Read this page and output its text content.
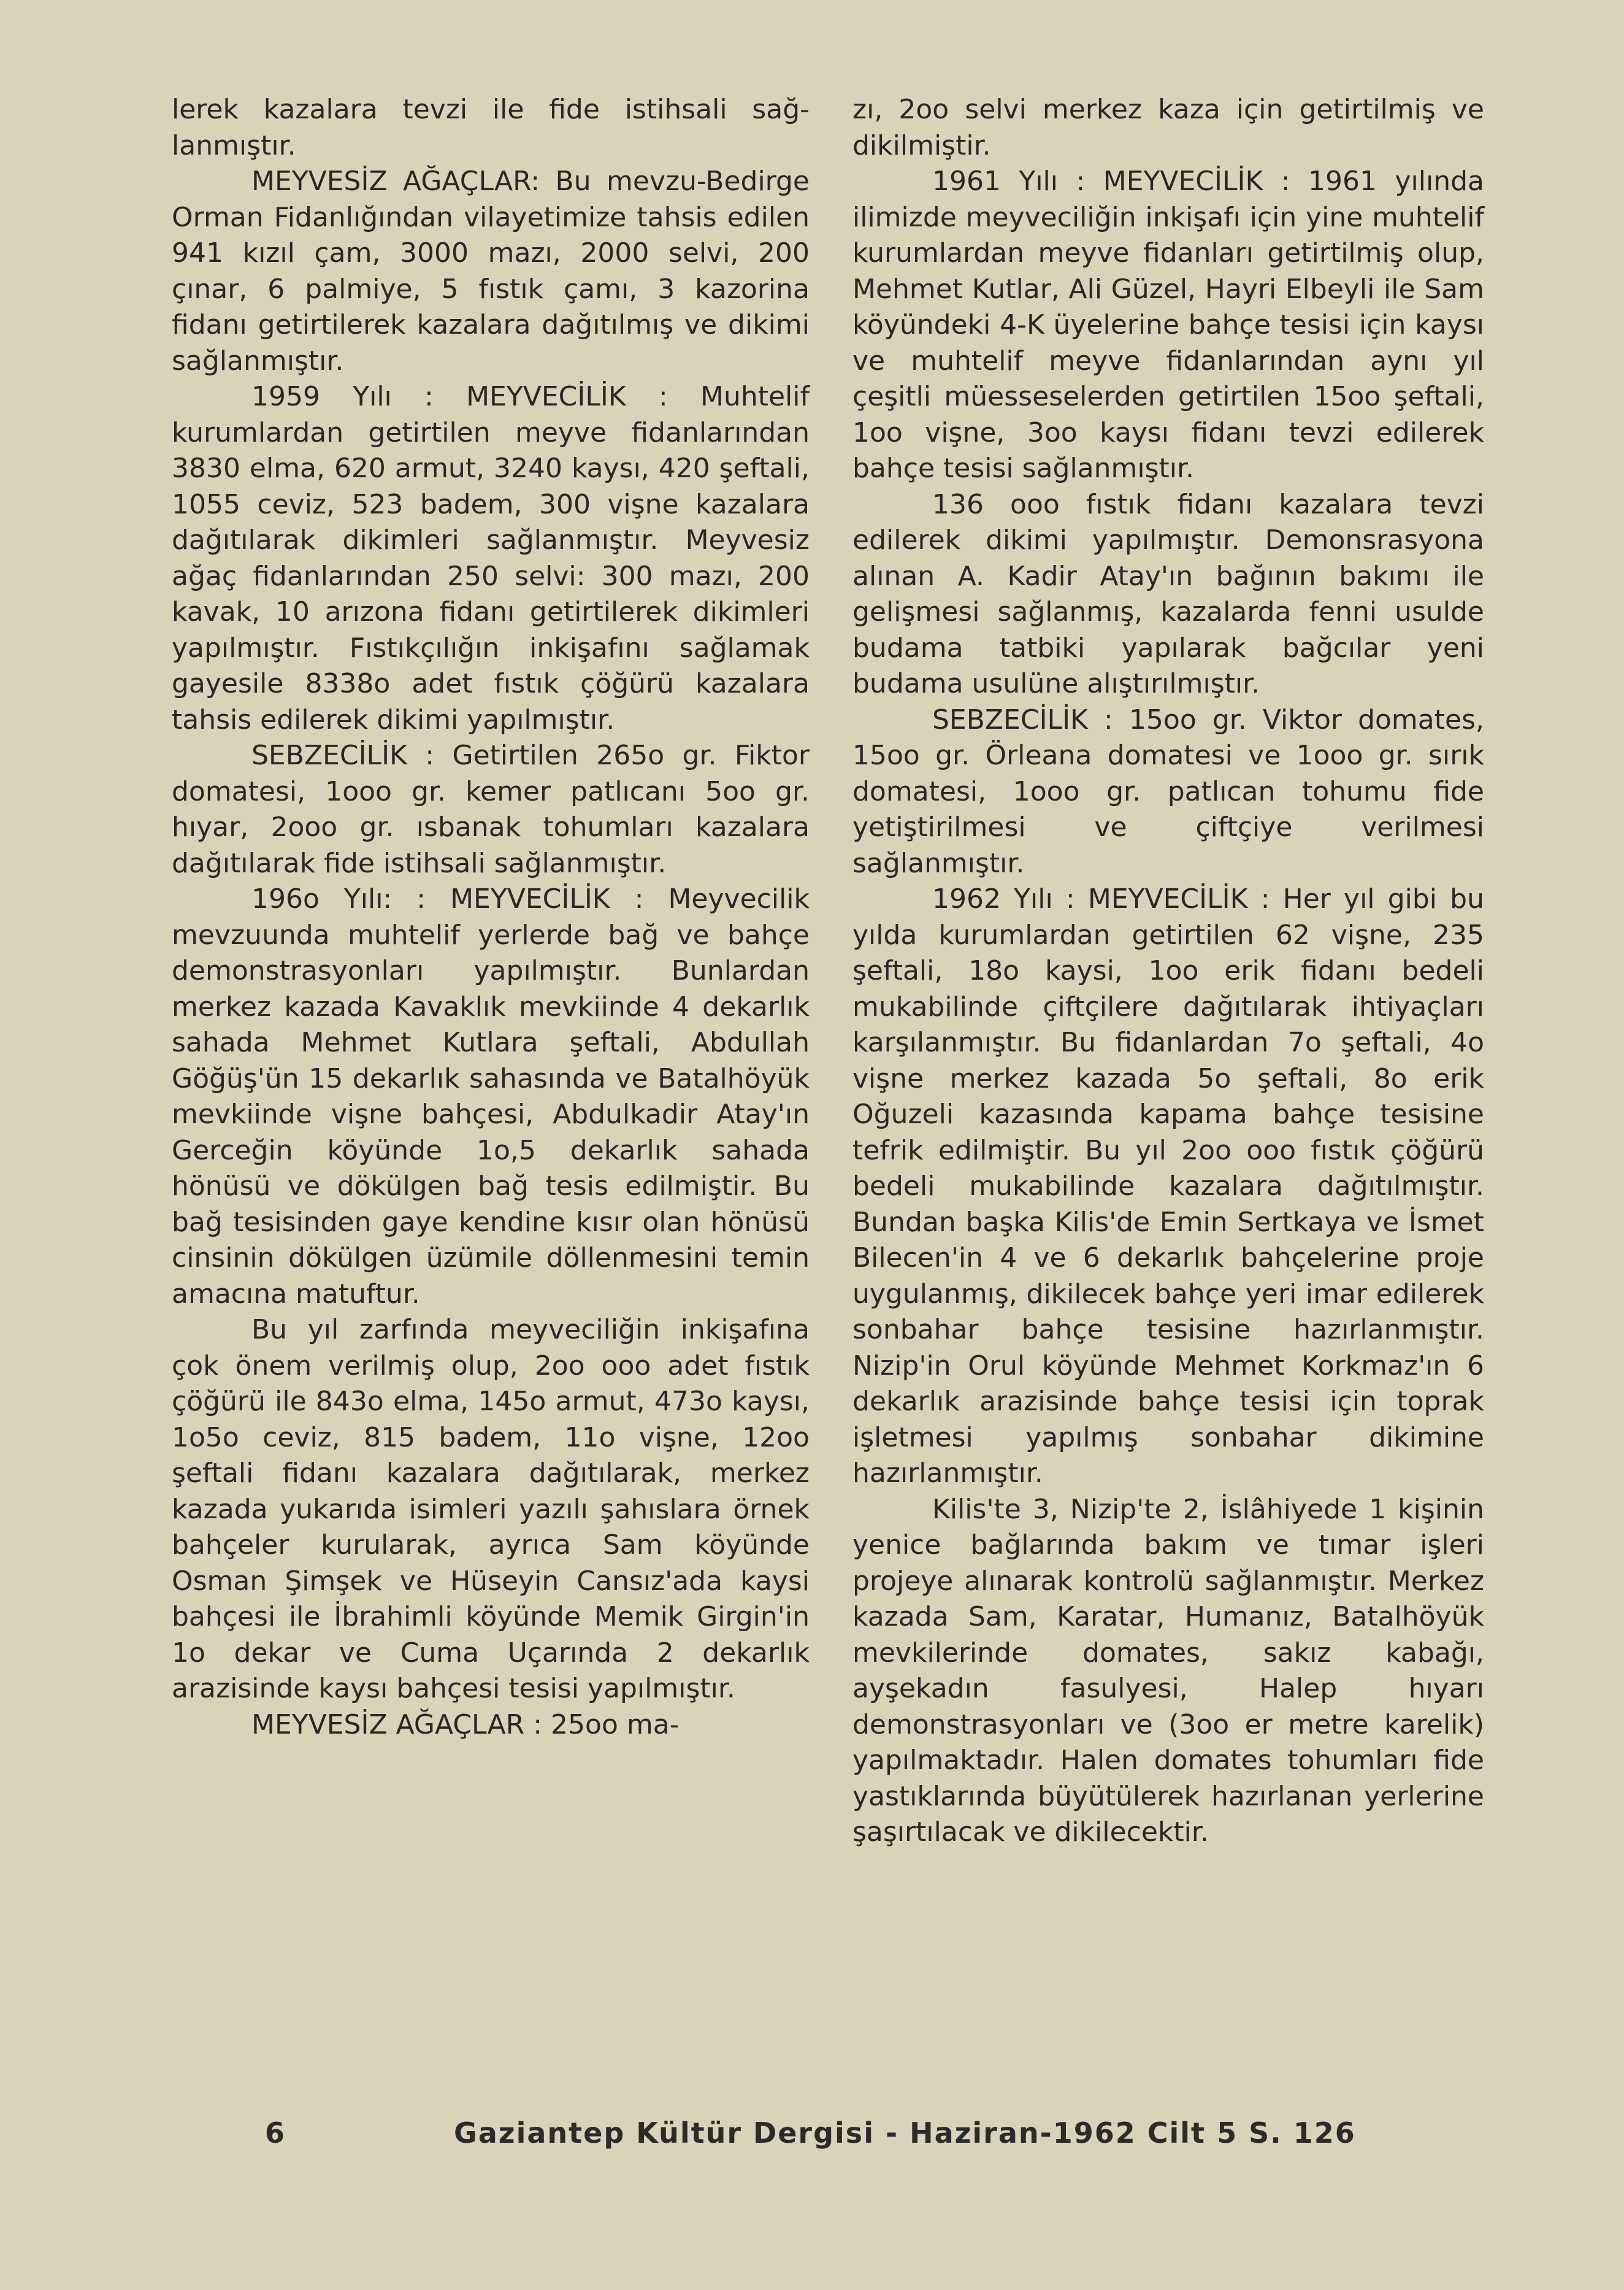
lerek kazalara tevzi ile fide istihsali sağ-lanmıştır.

MEYVESİZ AĞAÇLAR: Bu mevzu-Bedirge Orman Fidanlığından vilayetimize tahsis edilen 941 kızıl çam, 3000 mazı, 2000 selvi, 200 çınar, 6 palmiye, 5 fıstık çamı, 3 kazorina fidanı getirtilerek kazalara dağıtılmış ve dikimi sağlanmıştır.

1959 Yılı : MEYVECİLİK : Muhtelif kurumlardan getirtilen meyve fidanlarından 3830 elma, 620 armut, 3240 kaysı, 420 şeftali, 1055 ceviz, 523 badem, 300 vişne kazalara dağıtılarak dikimleri sağlanmıştır. Meyvesiz ağaç fidanlarından 250 selvi: 300 mazı, 200 kavak, 10 arızona fidanı getirtilerek dikimleri yapılmıştır. Fıstıkçılığın inkişafını sağlamak gayesile 8338o adet fıstık çöğürü kazalara tahsis edilerek dikimi yapılmıştır.

SEBZECİLİK : Getirtilen 265o gr. Fiktor domatesi, 1ooo gr. kemer patlıcanı 5oo gr. hıyar, 2ooo gr. ısbanak tohumları kazalara dağıtılarak fide istihsali sağlanmıştır.

196o Yılı: : MEYVECİLİK : Meyvecilik mevzuunda muhtelif yerlerde bağ ve bahçe demonstrasyonları yapılmıştır. Bunlardan merkez kazada Kavaklık mevkiinde 4 dekarlık sahada Mehmet Kutlara şeftali, Abdullah Göğüş'ün 15 dekarlık sahasında ve Batalhöyük mevkiinde vişne bahçesi, Abdulkadir Atay'ın Gerceğin köyünde 1o,5 dekarlık sahada hönüsü ve dökülgen bağ tesis edilmiştir. Bu bağ tesisinden gaye kendine kısır olan hönüsü cinsinin dökülgen üzümile döllenmesini temin amacına matuftur.

Bu yıl zarfında meyveciliğin inkişafına çok önem verilmiş olup, 2oo ooo adet fıstık çöğürü ile 843o elma, 145o armut, 473o kaysı, 1o5o ceviz, 815 badem, 11o vişne, 12oo şeftali fidanı kazalara dağıtılarak, merkez kazada yukarıda isimleri yazılı şahıslara örnek bahçeler kurularak, ayrıca Sam köyünde Osman Şimşek ve Hüseyin Cansız'ada kaysi bahçesi ile İbrahimli köyünde Memik Girgin'in 1o dekar ve Cuma Uçarında 2 dekarlık arazisinde kaysı bahçesi tesisi yapılmıştır.

MEYVESİZ AĞAÇLAR : 25oo ma-

zı, 2oo selvi merkez kaza için getirtilmiş ve dikilmiştir.

1961 Yılı : MEYVECİLİK : 1961 yılında ilimizde meyveciliğin inkişafı için yine muhtelif kurumlardan meyve fidanları getirtilmiş olup, Mehmet Kutlar, Ali Güzel, Hayri Elbeyli ile Sam köyündeki 4-K üyelerine bahçe tesisi için kaysı ve muhtelif meyve fidanlarından aynı yıl çeşitli müesseselerden getirtilen 15oo şeftali, 1oo vişne, 3oo kaysı fidanı tevzi edilerek bahçe tesisi sağlanmıştır.

136 ooo fıstık fidanı kazalara tevzi edilerek dikimi yapılmıştır. Demonsrasyona alınan A. Kadir Atay'ın bağının bakımı ile gelişmesi sağlanmış, kazalarda fenni usulde budama tatbiki yapılarak bağcılar yeni budama usulüne alıştırılmıştır.

SEBZECİLİK : 15oo gr. Viktor domates, 15oo gr. Örleana domatesi ve 1ooo gr. sırık domatesi, 1ooo gr. patlıcan tohumu fide yetiştirilmesi ve çiftçiye verilmesi sağlanmıştır.

1962 Yılı : MEYVECİLİK : Her yıl gibi bu yılda kurumlardan getirtilen 62 vişne, 235 şeftali, 18o kaysi, 1oo erik fidanı bedeli mukabilinde çiftçilere dağıtılarak ihtiyaçları karşılanmıştır. Bu fidanlardan 7o şeftali, 4o vişne merkez kazada 5o şeftali, 8o erik Oğuzeli kazasında kapama bahçe tesisine tefrik edilmiştir. Bu yıl 2oo ooo fıstık çöğürü bedeli mukabilinde kazalara dağıtılmıştır. Bundan başka Kilis'de Emin Sertkaya ve İsmet Bilecen'in 4 ve 6 dekarlık bahçelerine proje uygulanmış, dikilecek bahçe yeri imar edilerek sonbahar bahçe tesisine hazırlanmıştır. Nizip'in Orul köyünde Mehmet Korkmaz'ın 6 dekarlık arazisinde bahçe tesisi için toprak işletmesi yapılmış sonbahar dikimine hazırlanmıştır.

Kilis'te 3, Nizip'te 2, İslâhiyede 1 kişinin yenice bağlarında bakım ve tımar işleri projeye alınarak kontrolü sağlanmıştır. Merkez kazada Sam, Karatar, Humanız, Batalhöyük mevkilerinde domates, sakız kabağı, ayşekadın fasulyesi, Halep hıyarı demonstrasyonları ve (3oo er metre karelik) yapılmaktadır. Halen domates tohumları fide yastıklarında büyütülerek hazırlanan yerlerine şaşırtılacak ve dikilecektir.

6	Gaziantep Kültür Dergisi - Haziran-1962 Cilt 5 S. 126
